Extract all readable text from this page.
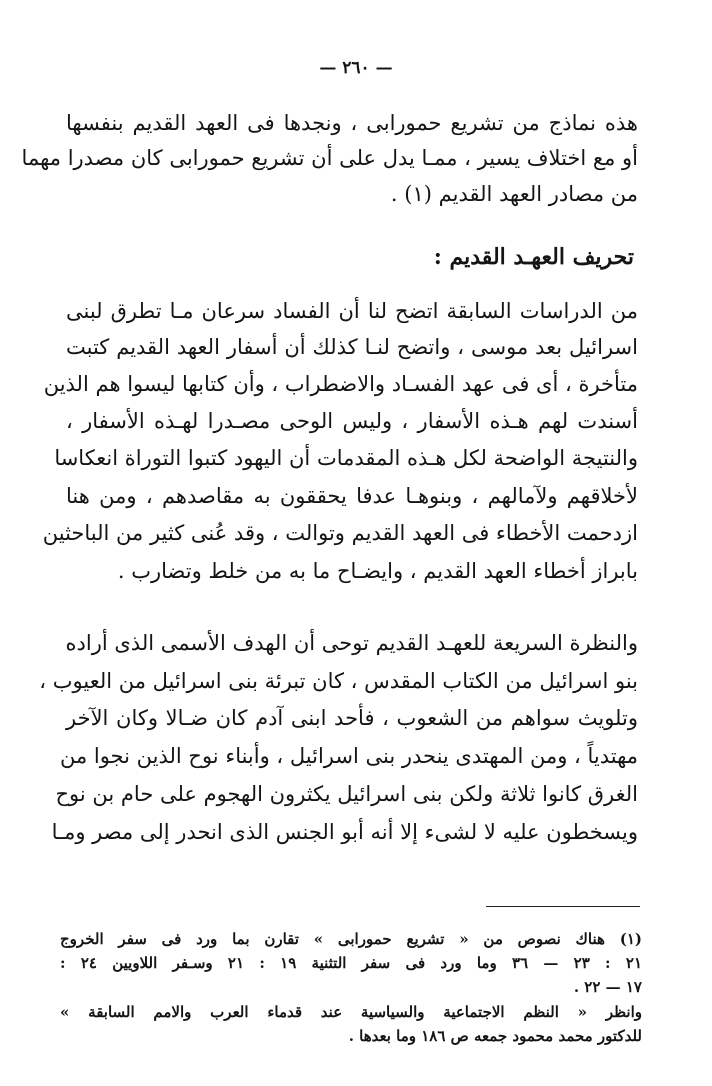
— ٢٦٠ —
هذه نماذج من تشريع حمورابى ، ونجدها فى العهد القديم بنفسها
أو مع اختلاف يسير ، ممـا يدل على أن تشريع حمورابى كان مصدرا مهما
من مصادر العهد القديم (١) .
تحريف العهـد القديم :
من الدراسات السابقة اتضح لنا أن الفساد سرعان مـا تطرق لبنى
اسرائيل بعد موسى ، واتضح لنـا كذلك أن أسفار العهد القديم كتبت
متأخرة ، أى فى عهد الفسـاد والاضطراب ، وأن كتابها ليسوا هم الذين
أسندت لهم هـذه الأسفار ، وليس الوحى مصـدرا لهـذه الأسفار ،
والنتيجة الواضحة لكل هـذه المقدمات أن اليهود كتبوا التوراة انعكاسا
لأخلاقهم ولآمالهم ، وبنوهـا عدفا يحققون به مقاصدهم ، ومن هنا
ازدحمت الأخطاء فى العهد القديم وتوالت ، وقد عُنى كثير من الباحثين
بابراز أخطاء العهد القديم ، وايضـاح ما به من خلط وتضارب .
والنظرة السريعة للعهـد القديم توحى أن الهدف الأسمى الذى أراده
بنو اسرائيل من الكتاب المقدس ، كان تبرئة بنى اسرائيل من العيوب ،
وتلويث سواهم من الشعوب ، فأحد ابنى آدم كان ضـالا وكان الآخر
مهتدياً ، ومن المهتدى ينحدر بنى اسرائيل ، وأبناء نوح الذين نجوا من
الغرق كانوا ثلاثة ولكن بنى اسرائيل يكثرون الهجوم على حام بن نوح
ويسخطون عليه لا لشىء إلا أنه أبو الجنس الذى انحدر إلى مصر ومـا
(١) هناك نصوص من « تشريع حمورابى » تقارن بما ورد فى سفر الخروج
٢١ : ٢٣ — ٣٦ وما ورد فى سفر التثنية ١٩ : ٢١ وسـفر اللاويين ٢٤ :
١٧ — ٢٢ .
وانظر « النظم الاجتماعية والسياسية عند قدماء العرب والامم السابقة »
للدكتور محمد محمود جمعه ص ١٨٦ وما بعدها .
